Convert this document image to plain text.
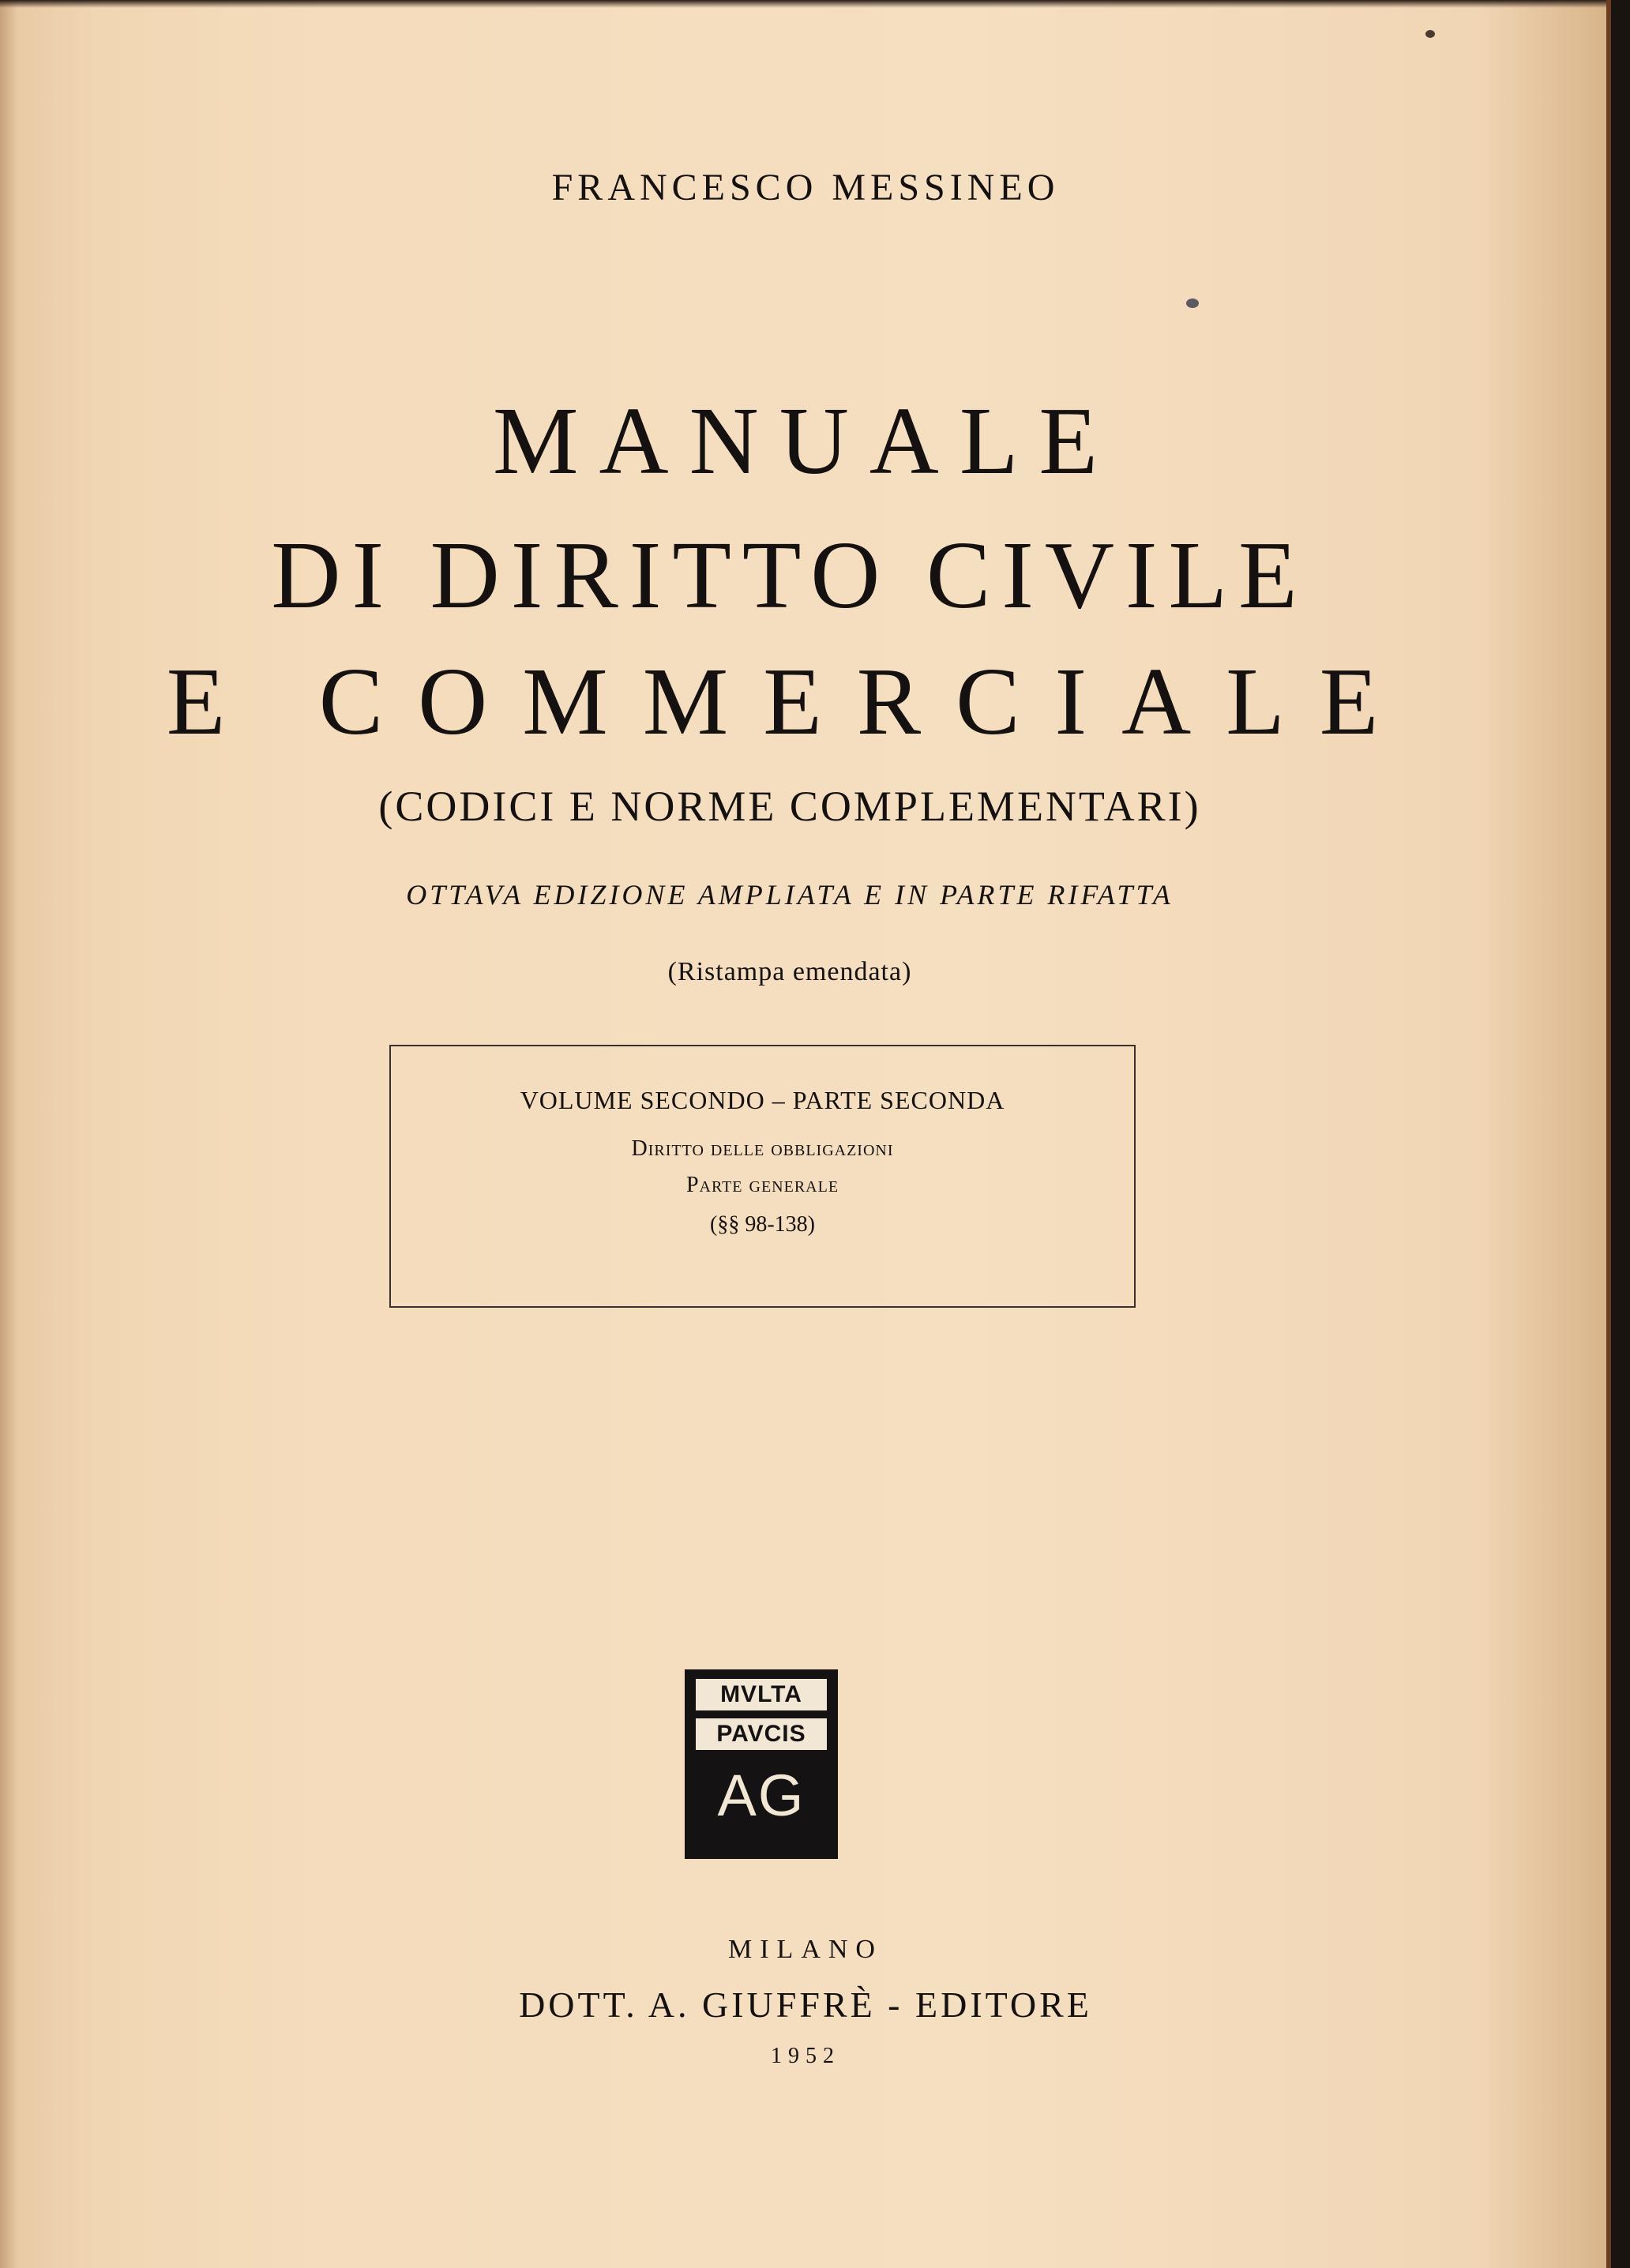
FRANCESCO MESSINEO
MANUALE
DI DIRITTO CIVILE
E COMMERCIALE
(CODICI E NORME COMPLEMENTARI)
OTTAVA EDIZIONE AMPLIATA E IN PARTE RIFATTA
(Ristampa emendata)
VOLUME SECONDO – PARTE SECONDA
Diritto delle obbligazioni
Parte generale
(§§ 98-138)
MVLTA
PAVCIS
AG
MILANO
DOTT. A. GIUFFRÈ - EDITORE
1952
